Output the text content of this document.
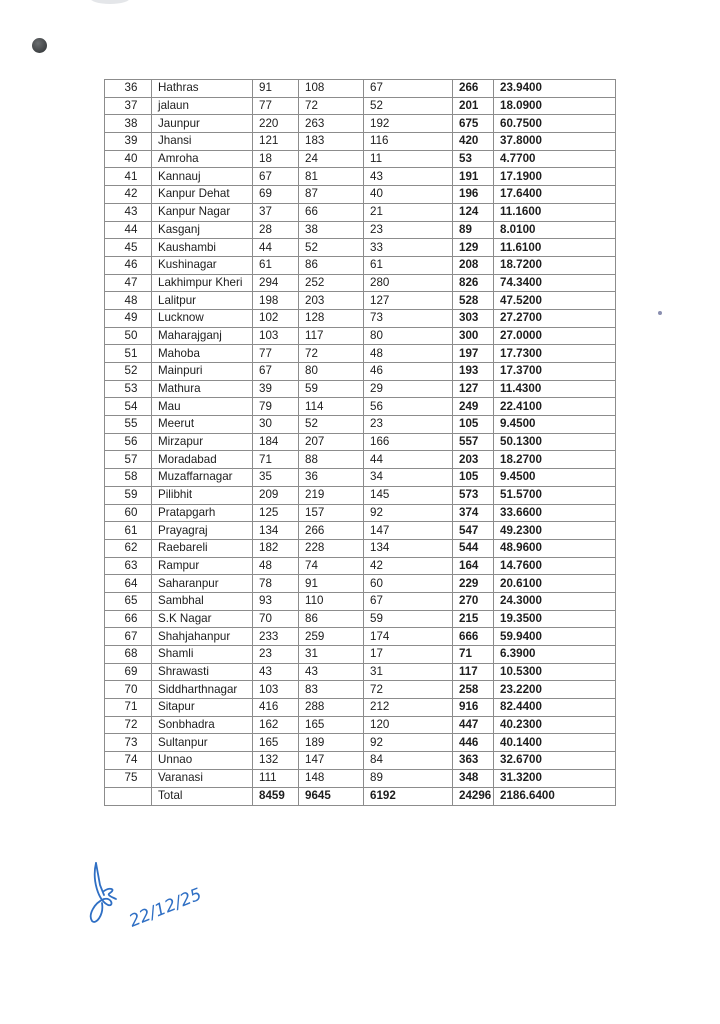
36	Hathras	91	108	67	266	23.9400
37	jalaun	77	72	52	201	18.0900
38	Jaunpur	220	263	192	675	60.7500
39	Jhansi	121	183	116	420	37.8000
40	Amroha	18	24	11	53	4.7700
41	Kannauj	67	81	43	191	17.1900
42	Kanpur Dehat	69	87	40	196	17.6400
43	Kanpur Nagar	37	66	21	124	11.1600
44	Kasganj	28	38	23	89	8.0100
45	Kaushambi	44	52	33	129	11.6100
46	Kushinagar	61	86	61	208	18.7200
47	Lakhimpur Kheri	294	252	280	826	74.3400
48	Lalitpur	198	203	127	528	47.5200
49	Lucknow	102	128	73	303	27.2700
50	Maharajganj	103	117	80	300	27.0000
51	Mahoba	77	72	48	197	17.7300
52	Mainpuri	67	80	46	193	17.3700
53	Mathura	39	59	29	127	11.4300
54	Mau	79	114	56	249	22.4100
55	Meerut	30	52	23	105	9.4500
56	Mirzapur	184	207	166	557	50.1300
57	Moradabad	71	88	44	203	18.2700
58	Muzaffarnagar	35	36	34	105	9.4500
59	Pilibhit	209	219	145	573	51.5700
60	Pratapgarh	125	157	92	374	33.6600
61	Prayagraj	134	266	147	547	49.2300
62	Raebareli	182	228	134	544	48.9600
63	Rampur	48	74	42	164	14.7600
64	Saharanpur	78	91	60	229	20.6100
65	Sambhal	93	110	67	270	24.3000
66	S.K Nagar	70	86	59	215	19.3500
67	Shahjahanpur	233	259	174	666	59.9400
68	Shamli	23	31	17	71	6.3900
69	Shrawasti	43	43	31	117	10.5300
70	Siddharthnagar	103	83	72	258	23.2200
71	Sitapur	416	288	212	916	82.4400
72	Sonbhadra	162	165	120	447	40.2300
73	Sultanpur	165	189	92	446	40.1400
74	Unnao	132	147	84	363	32.6700
75	Varanasi	111	148	89	348	31.3200
	Total	8459	9645	6192	24296	2186.6400
22/12/25
